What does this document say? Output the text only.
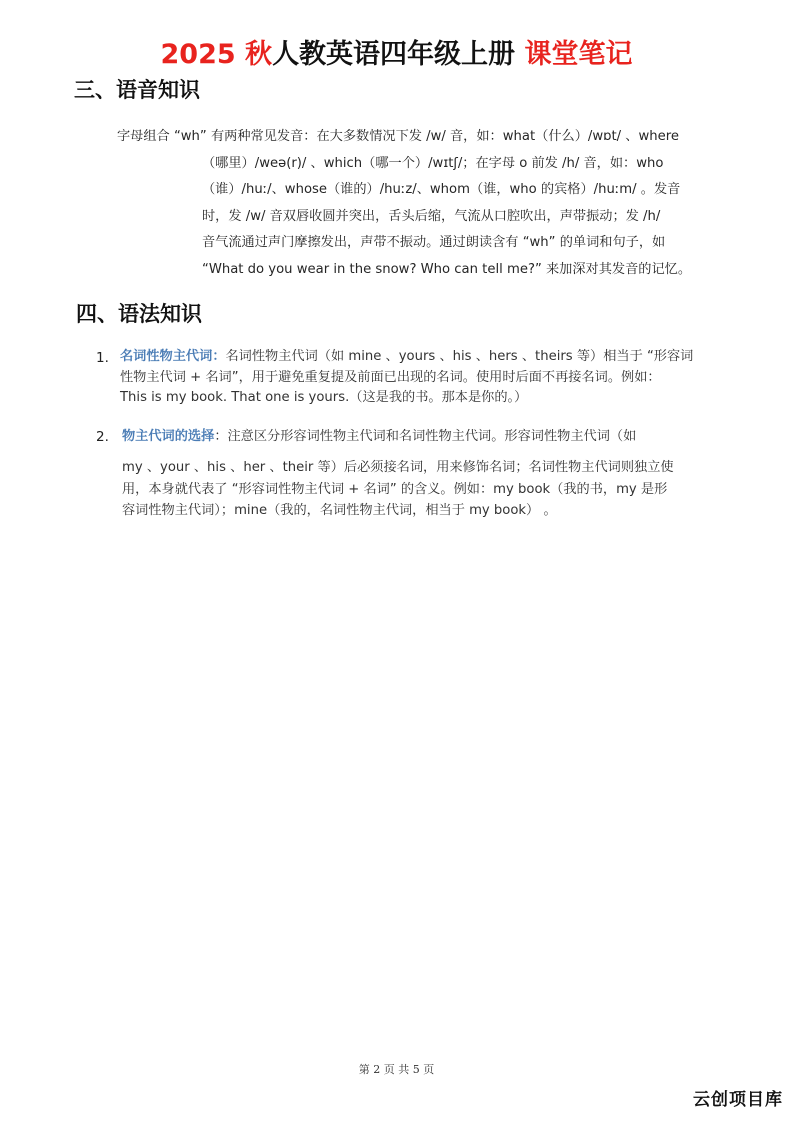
2025 秋人教英语四年级上册 课堂笔记
三、语音知识
字母组合 “wh” 有两种常见发音：在大多数情况下发 /w/ 音，如：what（什么）/wɒt/ 、where
（哪里）/weə(r)/ 、which（哪一个）/wɪtʃ/；在字母 o 前发 /h/ 音，如：who
（谁）/huː/、whose（谁的）/huːz/、whom（谁，who 的宾格）/huːm/ 。发音
时，发 /w/ 音双唇收圆并突出，舌头后缩，气流从口腔吹出，声带振动；发 /h/
音气流通过声门摩擦发出，声带不振动。通过朗读含有 “wh” 的单词和句子，如
“What do you wear in the snow? Who can tell me?” 来加深对其发音的记忆。
四、语法知识
1. 名词性物主代词：名词性物主代词（如 mine 、yours 、his 、hers 、theirs 等）相当于 “形容词
性物主代词 + 名词”，用于避免重复提及前面已出现的名词。使用时后面不再接名词。例如：
This is my book. That one is yours.（这是我的书。那本是你的。）
2. 物主代词的选择：注意区分形容词性物主代词和名词性物主代词。形容词性物主代词（如
my 、your 、his 、her 、their 等）后必须接名词，用来修饰名词；名词性物主代词则独立使
用，本身就代表了 “形容词性物主代词 + 名词” 的含义。例如：my book（我的书，my 是形
容词性物主代词）；mine（我的，名词性物主代词，相当于 my book） 。
第 2 页 共 5 页
云创项目库
